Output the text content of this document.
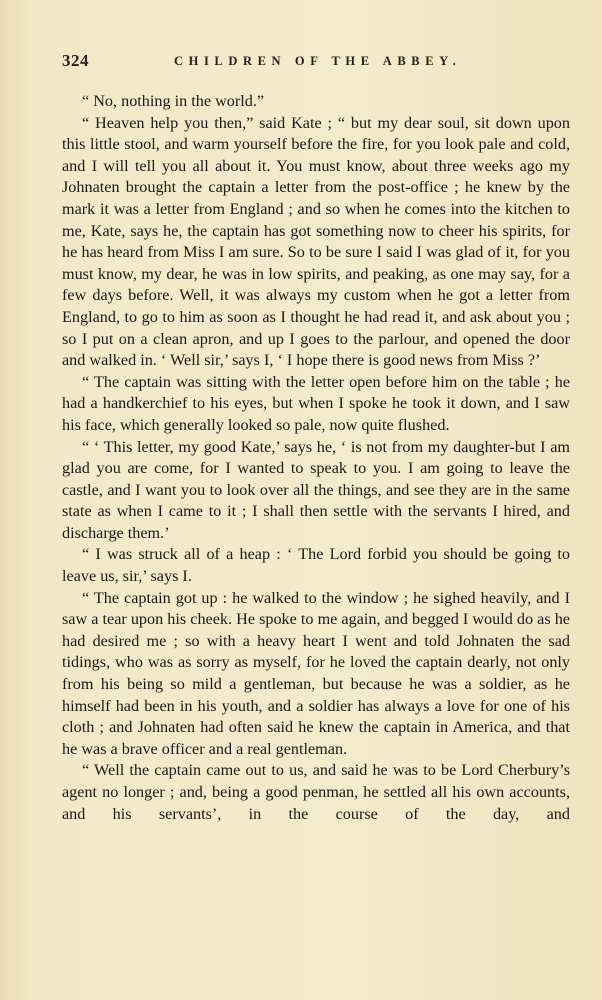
324	CHILDREN OF THE ABBEY.

“ No, nothing in the world.”

“ Heaven help you then,” said Kate ; “ but my dear soul, sit down upon this little stool, and warm yourself before the fire, for you look pale and cold, and I will tell you all about it. You must know, about three weeks ago my Johnaten brought the captain a letter from the post-office ; he knew by the mark it was a letter from England ; and so when he comes into the kitchen to me, Kate, says he, the captain has got something now to cheer his spirits, for he has heard from Miss I am sure. So to be sure I said I was glad of it, for you must know, my dear, he was in low spirits, and peaking, as one may say, for a few days before. Well, it was always my custom when he got a letter from England, to go to him as soon as I thought he had read it, and ask about you ; so I put on a clean apron, and up I goes to the parlour, and opened the door and walked in. ‘ Well sir,’ says I, ‘ I hope there is good news from Miss ?’

“ The captain was sitting with the letter open before him on the table ; he had a handkerchief to his eyes, but when I spoke he took it down, and I saw his face, which generally looked so pale, now quite flushed.

“ ‘ This letter, my good Kate,’ says he, ‘ is not from my daughter-but I am glad you are come, for I wanted to speak to you. I am going to leave the castle, and I want you to look over all the things, and see they are in the same state as when I came to it ; I shall then settle with the servants I hired, and discharge them.’

“ I was struck all of a heap : ‘ The Lord forbid you should be going to leave us, sir,’ says I.

“ The captain got up : he walked to the window ; he sighed heavily, and I saw a tear upon his cheek. He spoke to me again, and begged I would do as he had desired me ; so with a heavy heart I went and told Johnaten the sad tidings, who was as sorry as myself, for he loved the captain dearly, not only from his being so mild a gentleman, but because he was a soldier, as he himself had been in his youth, and a soldier has always a love for one of his cloth ; and Johnaten had often said he knew the captain in America, and that he was a brave officer and a real gentleman.

“ Well the captain came out to us, and said he was to be Lord Cherbury’s agent no longer ; and, being a good penman, he settled all his own accounts, and his servants’, in the course of the day, and
